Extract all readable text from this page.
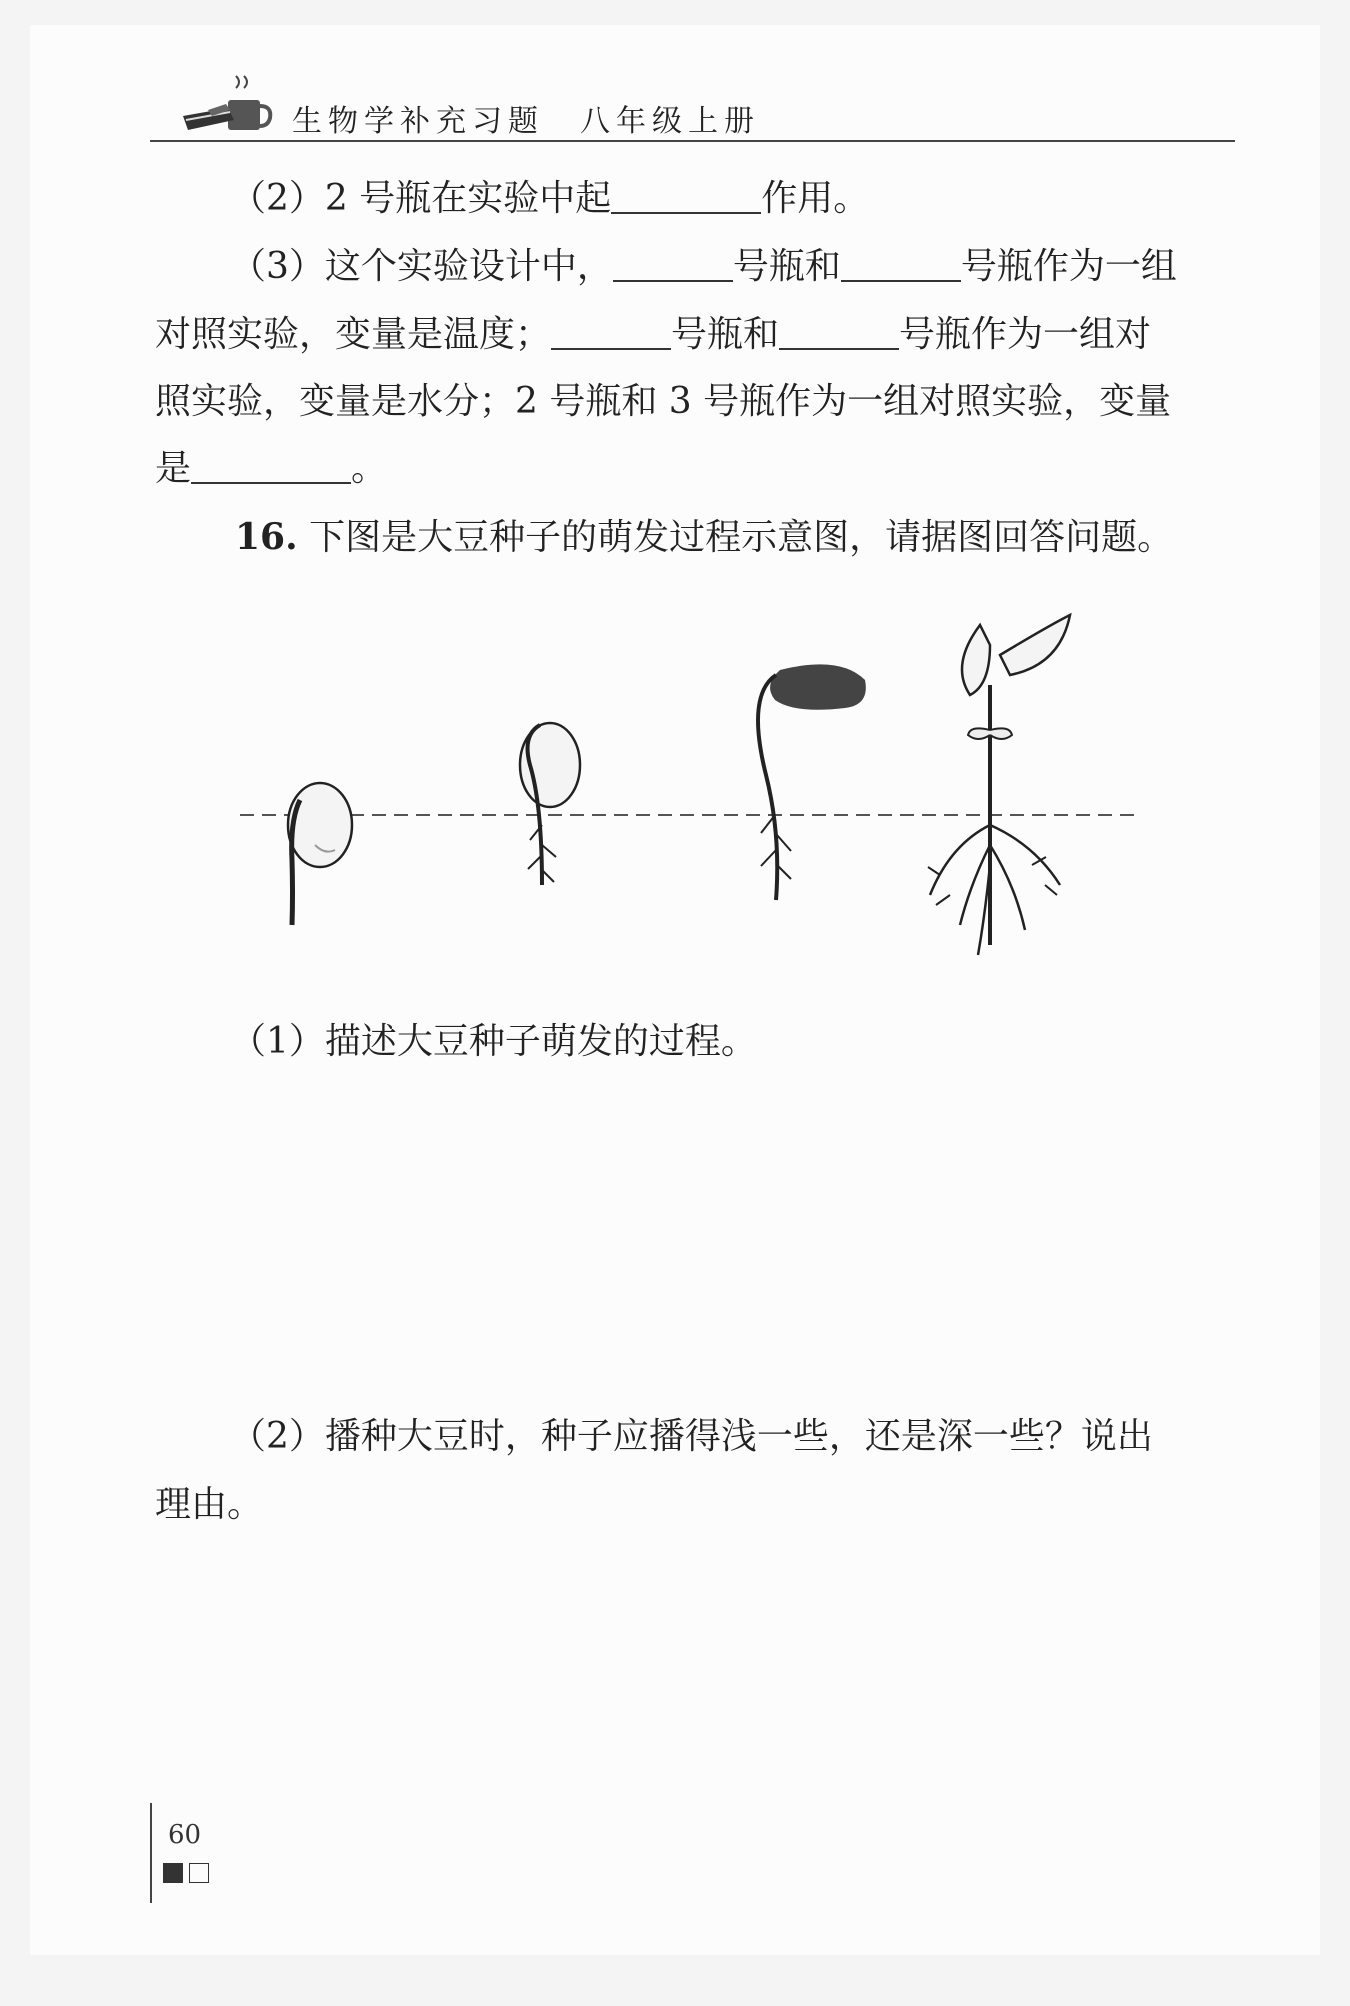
生物学补充习题　八年级上册
（2）2 号瓶在实验中起	作用。
（3）这个实验设计中，	号瓶和	号瓶作为一组
对照实验，变量是温度；	号瓶和	号瓶作为一组对
照实验，变量是水分；2 号瓶和 3 号瓶作为一组对照实验，变量
是	。
16. 下图是大豆种子的萌发过程示意图，请据图回答问题。
（1）描述大豆种子萌发的过程。
（2）播种大豆时，种子应播得浅一些，还是深一些？说出
理由。
60
